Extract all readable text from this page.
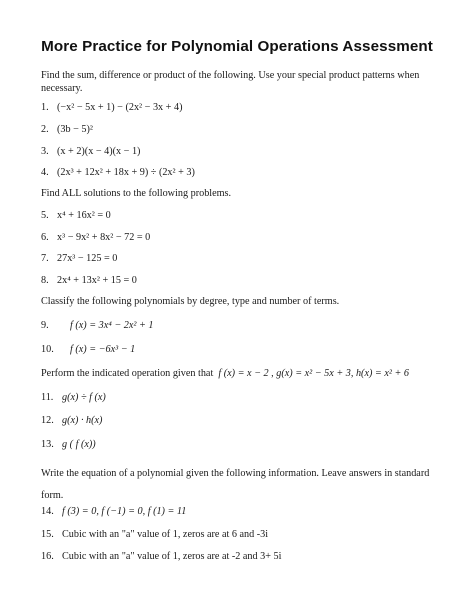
More Practice for Polynomial Operations Assessment
Find the sum, difference or product of the following. Use your special product patterns when necessary.
1. (−x² − 5x + 1) − (2x² − 3x + 4)
2. (3b − 5)²
3. (x + 2)(x − 4)(x − 1)
4. (2x³ + 12x² + 18x + 9) ÷ (2x² + 3)
Find ALL solutions to the following problems.
5. x⁴ + 16x² = 0
6. x³ − 9x² + 8x² − 72 = 0
7. 27x³ − 125 = 0
8. 2x⁴ + 13x² + 15 = 0
Classify the following polynomials by degree, type and number of terms.
9. f (x) = 3x⁴ − 2x² + 1
10. f (x) = −6x³ − 1
Perform the indicated operation given that f (x) = x − 2 , g(x) = x² − 5x + 3, h(x) = x² + 6
11. g(x) ÷ f (x)
12. g(x) · h(x)
13. g ( f (x))
Write the equation of a polynomial given the following information. Leave answers in standard form.
14. f (3) = 0, f (−1) = 0, f (1) = 11
15. Cubic with an "a" value of 1, zeros are at 6 and -3i
16. Cubic with an "a" value of 1, zeros are at -2 and 3+ 5i
